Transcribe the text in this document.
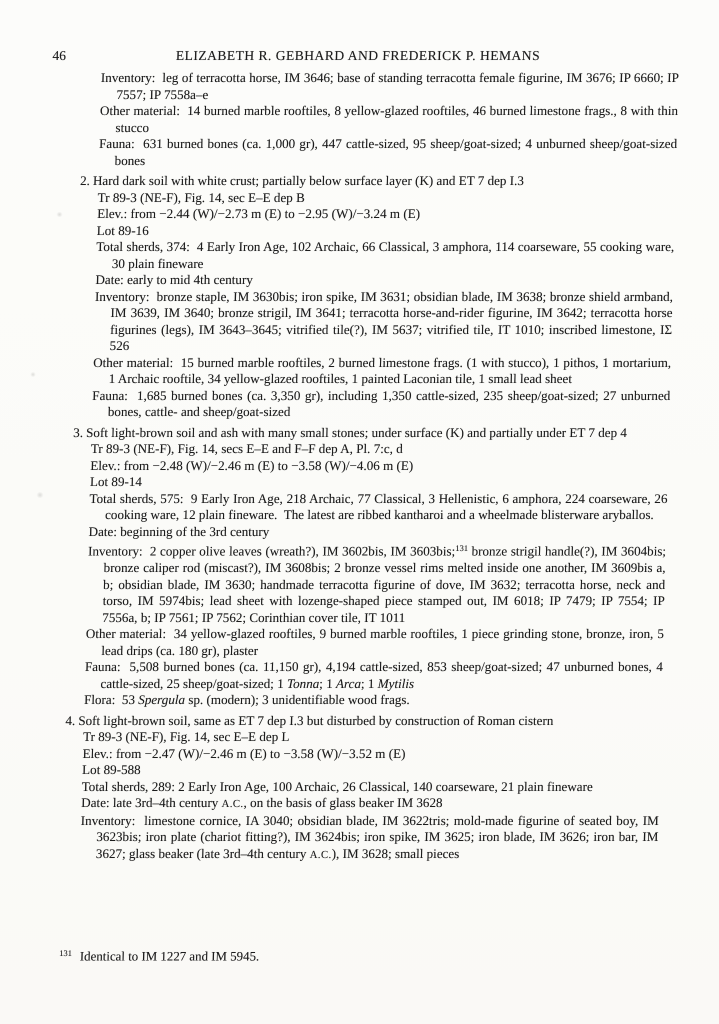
46	ELIZABETH R. GEBHARD AND FREDERICK P. HEMANS
Inventory:  leg of terracotta horse, IM 3646; base of standing terracotta female figurine, IM 3676; IP 6660; IP 7557; IP 7558a–e
Other material:  14 burned marble rooftiles, 8 yellow-glazed rooftiles, 46 burned limestone frags., 8 with thin stucco
Fauna:  631 burned bones (ca. 1,000 gr), 447 cattle-sized, 95 sheep/goat-sized; 4 unburned sheep/goat-sized bones
2. Hard dark soil with white crust; partially below surface layer (K) and ET 7 dep I.3
Tr 89-3 (NE-F), Fig. 14, sec E–E dep B
Elev.: from −2.44 (W)/−2.73 m (E) to −2.95 (W)/−3.24 m (E)
Lot 89-16
Total sherds, 374:  4 Early Iron Age, 102 Archaic, 66 Classical, 3 amphora, 114 coarseware, 55 cooking ware, 30 plain fineware
Date: early to mid 4th century
Inventory:  bronze staple, IM 3630bis; iron spike, IM 3631; obsidian blade, IM 3638; bronze shield armband, IM 3639, IM 3640; bronze strigil, IM 3641; terracotta horse-and-rider figurine, IM 3642; terracotta horse figurines (legs), IM 3643–3645; vitrified tile(?), IM 5637; vitrified tile, IT 1010; inscribed limestone, IΣ 526
Other material:  15 burned marble rooftiles, 2 burned limestone frags. (1 with stucco), 1 pithos, 1 mortarium, 1 Archaic rooftile, 34 yellow-glazed rooftiles, 1 painted Laconian tile, 1 small lead sheet
Fauna:  1,685 burned bones (ca. 3,350 gr), including 1,350 cattle-sized, 235 sheep/goat-sized; 27 unburned bones, cattle- and sheep/goat-sized
3. Soft light-brown soil and ash with many small stones; under surface (K) and partially under ET 7 dep 4
Tr 89-3 (NE-F), Fig. 14, secs E–E and F–F dep A, Pl. 7:c, d
Elev.: from −2.48 (W)/−2.46 m (E) to −3.58 (W)/−4.06 m (E)
Lot 89-14
Total sherds, 575:  9 Early Iron Age, 218 Archaic, 77 Classical, 3 Hellenistic, 6 amphora, 224 coarseware, 26 cooking ware, 12 plain fineware.  The latest are ribbed kantharoi and a wheelmade blisterware aryballos.
Date: beginning of the 3rd century
Inventory:  2 copper olive leaves (wreath?), IM 3602bis, IM 3603bis;$^{131}$ bronze strigil handle(?), IM 3604bis; bronze caliper rod (miscast?), IM 3608bis; 2 bronze vessel rims melted inside one another, IM 3609bis a, b; obsidian blade, IM 3630; handmade terracotta figurine of dove, IM 3632; terracotta horse, neck and torso, IM 5974bis; lead sheet with lozenge-shaped piece stamped out, IM 6018; IP 7479; IP 7554; IP 7556a, b; IP 7561; IP 7562; Corinthian cover tile, IT 1011
Other material:  34 yellow-glazed rooftiles, 9 burned marble rooftiles, 1 piece grinding stone, bronze, iron, 5 lead drips (ca. 180 gr), plaster
Fauna:  5,508 burned bones (ca. 11,150 gr), 4,194 cattle-sized, 853 sheep/goat-sized; 47 unburned bones, 4 cattle-sized, 25 sheep/goat-sized; 1 Tonna; 1 Arca; 1 Mytilis
Flora:  53 Spergula sp. (modern); 3 unidentifiable wood frags.
4. Soft light-brown soil, same as ET 7 dep I.3 but disturbed by construction of Roman cistern
Tr 89-3 (NE-F), Fig. 14, sec E–E dep L
Elev.: from −2.47 (W)/−2.46 m (E) to −3.58 (W)/−3.52 m (E)
Lot 89-588
Total sherds, 289: 2 Early Iron Age, 100 Archaic, 26 Classical, 140 coarseware, 21 plain fineware
Date: late 3rd–4th century A.C., on the basis of glass beaker IM 3628
Inventory:  limestone cornice, IA 3040; obsidian blade, IM 3622tris; mold-made figurine of seated boy, IM 3623bis; iron plate (chariot fitting?), IM 3624bis; iron spike, IM 3625; iron blade, IM 3626; iron bar, IM 3627; glass beaker (late 3rd–4th century A.C.), IM 3628; small pieces
$^{131}$ Identical to IM 1227 and IM 5945.
